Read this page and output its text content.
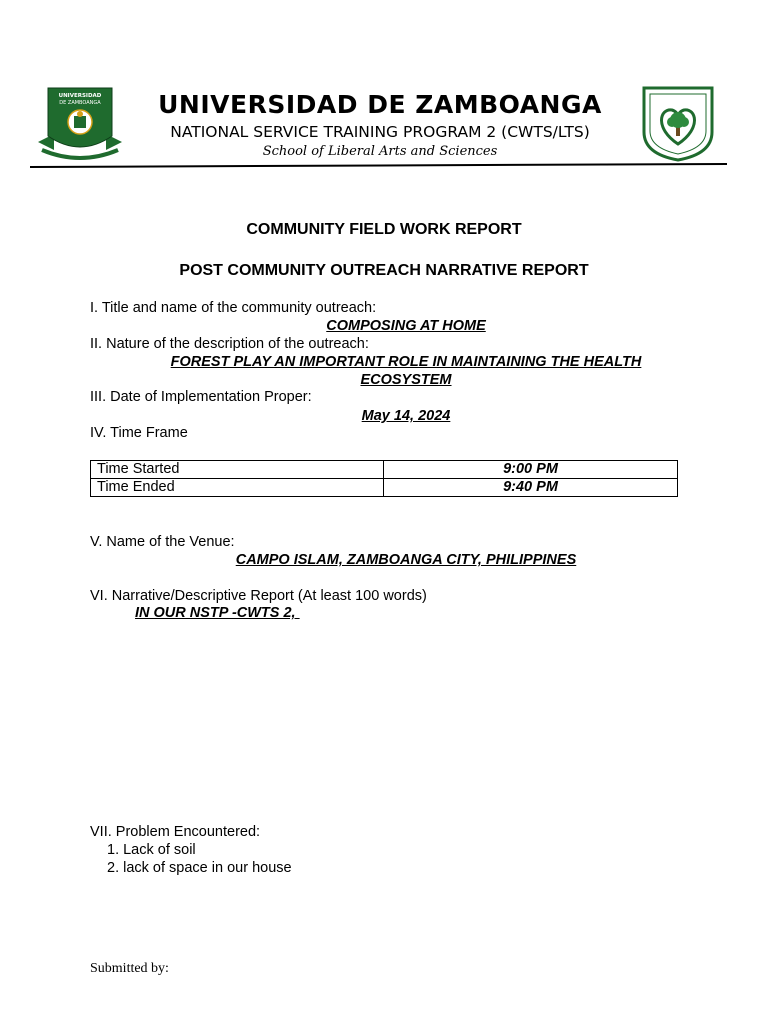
UNIVERSIDAD
DE ZAMBOANGA	UNIVERSIDAD DE ZAMBOANGA
NATIONAL SERVICE TRAINING PROGRAM 2 (CWTS/LTS)
School of Liberal Arts and Sciences
COMMUNITY FIELD WORK REPORT
POST COMMUNITY OUTREACH NARRATIVE REPORT
I. Title and name of the community outreach:
COMPOSING AT HOME
II. Nature of the description of the outreach:
FOREST PLAY AN IMPORTANT ROLE IN MAINTAINING THE HEALTH
ECOSYSTEM
III. Date of Implementation Proper:
May 14, 2024
IV. Time Frame
Time Started	9:00 PM
Time Ended	9:40 PM
V. Name of the Venue:
CAMPO ISLAM, ZAMBOANGA CITY, PHILIPPINES
VI. Narrative/Descriptive Report (At least 100 words)
IN OUR NSTP -CWTS 2,
VII. Problem Encountered:
1. Lack of soil
2. lack of space in our house
Submitted by:
